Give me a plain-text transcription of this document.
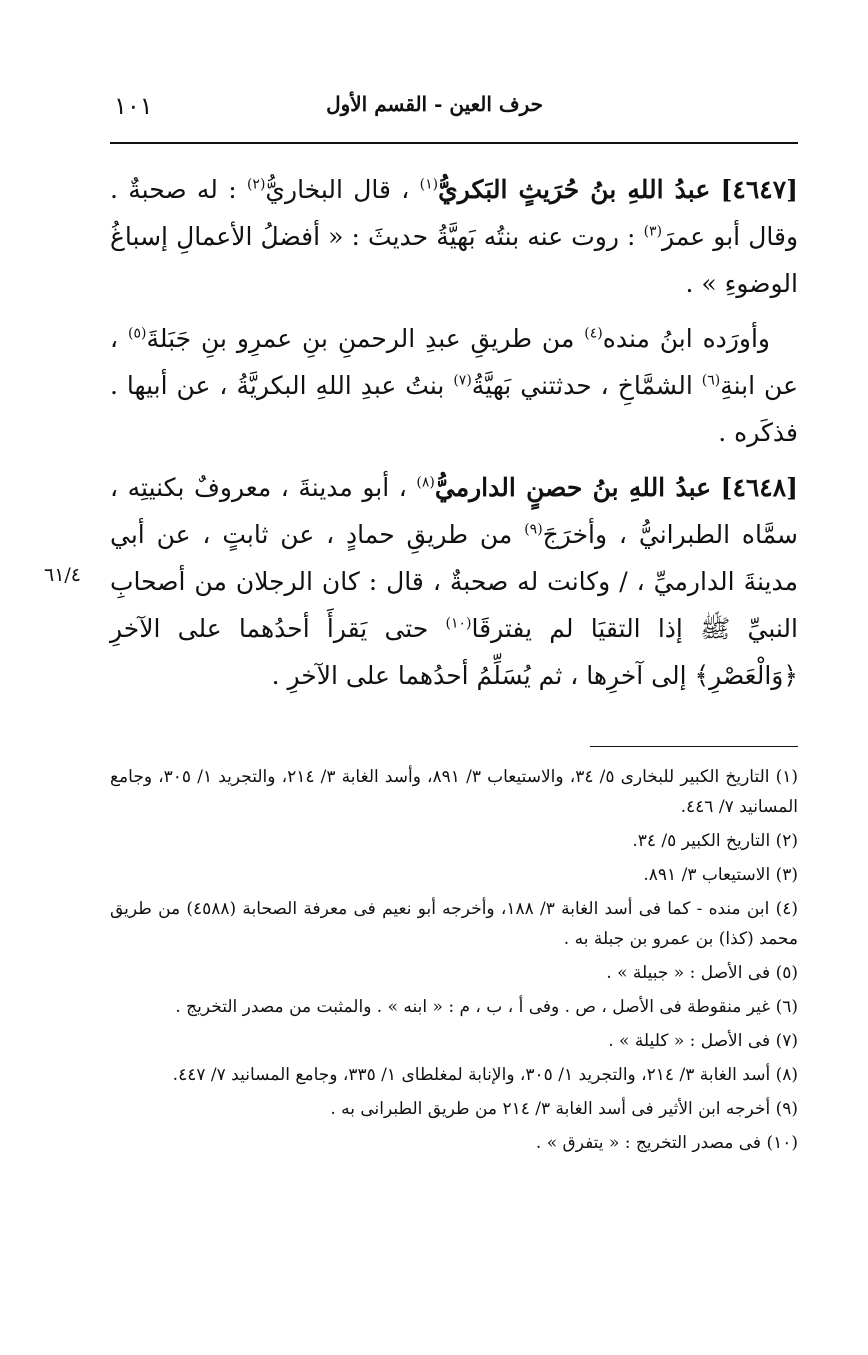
١٠١	حرف العين - القسم الأول

[٤٦٤٧] عبدُ اللهِ بنُ حُرَيثٍ البَكريُّ$^{(١)}$ ، قال البخاريُّ$^{(٢)}$ : له صحبةٌ . وقال أبو عمرَ$^{(٣)}$ : روت عنه بنتُه بَهيَّةُ حديثَ : « أفضلُ الأعمالِ إسباغُ الوضوءِ » .

وأورَده ابنُ منده$^{(٤)}$ من طريقِ عبدِ الرحمنِ بنِ عمرِو بنِ جَبَلةَ$^{(٥)}$ ، عن ابنةِ$^{(٦)}$ الشمَّاخِ ، حدثتني بَهيَّةُ$^{(٧)}$ بنتُ عبدِ اللهِ البكريَّةُ ، عن أبيها . فذكَره .

[٤٦٤٨] عبدُ اللهِ بنُ حصنٍ الدارميُّ$^{(٨)}$ ، أبو مدينةَ ، معروفٌ بكنيتِه ، سمَّاه الطبرانيُّ ، وأخرَجَ$^{(٩)}$ من طريقِ حمادٍ ، عن ثابتٍ ، عن أبي مدينةَ الدارميِّ ، / وكانت له صحبةٌ ، قال : كان الرجلان من أصحابِ النبيِّ ﷺ إذا التقيَا لم يفترقَا$^{(١٠)}$ حتى يَقرأَ أحدُهما على الآخرِ ﴿وَالْعَصْرِ﴾ إلى آخرِها ، ثم يُسَلِّمُ أحدُهما على الآخرِ .

٦١/٤

(١) التاريخ الكبير للبخارى ٥/ ٣٤، والاستيعاب ٣/ ٨٩١، وأسد الغابة ٣/ ٢١٤، والتجريد ١/ ٣٠٥، وجامع المسانيد ٧/ ٤٤٦.

(٢) التاريخ الكبير ٥/ ٣٤.

(٣) الاستيعاب ٣/ ٨٩١.

(٤) ابن منده - كما فى أسد الغابة ٣/ ١٨٨، وأخرجه أبو نعيم فى معرفة الصحابة (٤٥٨٨) من طريق محمد (كذا) بن عمرو بن جبلة به .

(٥) فى الأصل : « جبيلة » .

(٦) غير منقوطة فى الأصل ، ص . وفى أ ، ب ، م : « ابنه » . والمثبت من مصدر التخريج .

(٧) فى الأصل : « كليلة » .

(٨) أسد الغابة ٣/ ٢١٤، والتجريد ١/ ٣٠٥، والإنابة لمغلطاى ١/ ٣٣٥، وجامع المسانيد ٧/ ٤٤٧.

(٩) أخرجه ابن الأثير فى أسد الغابة ٣/ ٢١٤ من طريق الطبرانى به .

(١٠) فى مصدر التخريج : « يتفرق » .
